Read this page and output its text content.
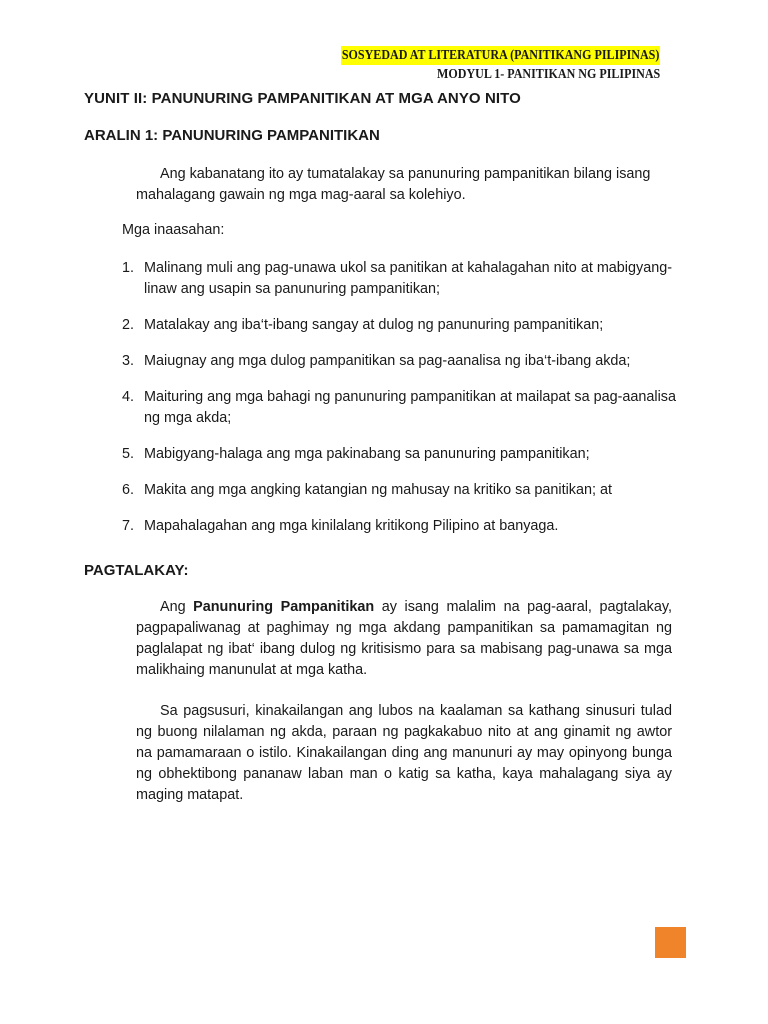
SOSYEDAD AT LITERATURA (PANITIKANG PILIPINAS)
MODYUL 1- PANITIKAN NG PILIPINAS
YUNIT II: PANUNURING PAMPANITIKAN AT MGA ANYO NITO
ARALIN 1: PANUNURING PAMPANITIKAN

Ang kabanatang ito ay tumatalakay sa panunuring pampanitikan bilang isang mahalagang gawain ng mga mag-aaral sa kolehiyo.

Mga inaasahan:
1. Malinang muli ang pag-unawa ukol sa panitikan at kahalagahan nito at mabigyang-linaw ang usapin sa panunuring pampanitikan;
2. Matalakay ang iba‘t-ibang sangay at dulog ng panunuring pampanitikan;
3. Maiugnay ang mga dulog pampanitikan sa pag-aanalisa ng iba‘t-ibang akda;
4. Maituring ang mga bahagi ng panunuring pampanitikan at mailapat sa pag-aanalisa ng mga akda;
5. Mabigyang-halaga ang mga pakinabang sa panunuring pampanitikan;
6. Makita ang mga angking katangian ng mahusay na kritiko sa panitikan; at
7. Mapahalagahan ang mga kinilalang kritikong Pilipino at banyaga.
PAGTALAKAY:

Ang Panunuring Pampanitikan ay isang malalim na pag-aaral, pagtalakay, pagpapaliwanag at paghimay ng mga akdang pampanitikan sa pamamagitan ng paglalapat ng ibat‘ ibang dulog ng kritisismo para sa mabisang pag-unawa sa mga malikhaing manunulat at mga katha.

Sa pagsusuri, kinakailangan ang lubos na kaalaman sa kathang sinusuri tulad ng buong nilalaman ng akda, paraan ng pagkakabuo nito at ang ginamit ng awtor na pamamaraan o istilo. Kinakailangan ding ang manunuri ay may opinyong bunga ng obhektibong pananaw laban man o katig sa katha, kaya mahalagang siya ay maging matapat.
